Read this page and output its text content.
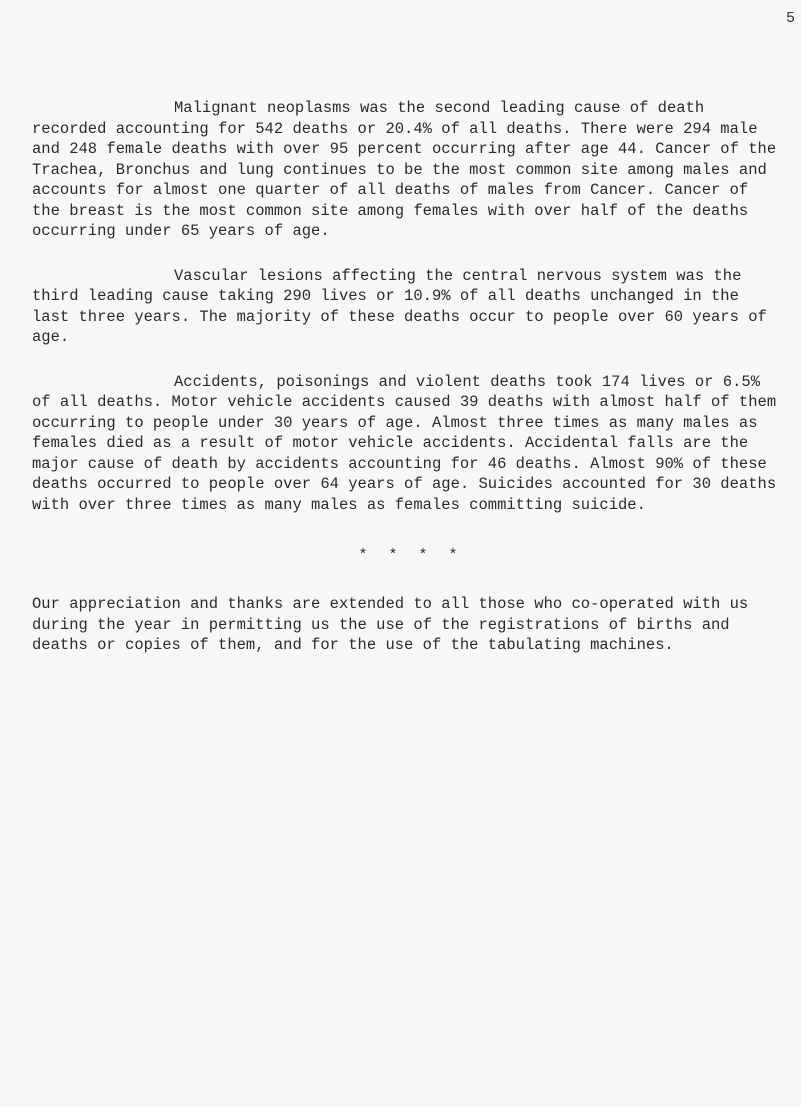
5

Malignant neoplasms was the second leading cause of death recorded accounting for 542 deaths or 20.4% of all deaths. There were 294 male and 248 female deaths with over 95 percent occurring after age 44. Cancer of the Trachea, Bronchus and lung continues to be the most common site among males and accounts for almost one quarter of all deaths of males from Cancer. Cancer of the breast is the most common site among females with over half of the deaths occurring under 65 years of age.

Vascular lesions affecting the central nervous system was the third leading cause taking 290 lives or 10.9% of all deaths unchanged in the last three years. The majority of these deaths occur to people over 60 years of age.

Accidents, poisonings and violent deaths took 174 lives or 6.5% of all deaths. Motor vehicle accidents caused 39 deaths with almost half of them occurring to people under 30 years of age. Almost three times as many males as females died as a result of motor vehicle accidents. Accidental falls are the major cause of death by accidents accounting for 46 deaths. Almost 90% of these deaths occurred to people over 64 years of age. Suicides accounted for 30 deaths with over three times as many males as females committing suicide.

* * * *

Our appreciation and thanks are extended to all those who co-operated with us during the year in permitting us the use of the registrations of births and deaths or copies of them, and for the use of the tabulating machines.
